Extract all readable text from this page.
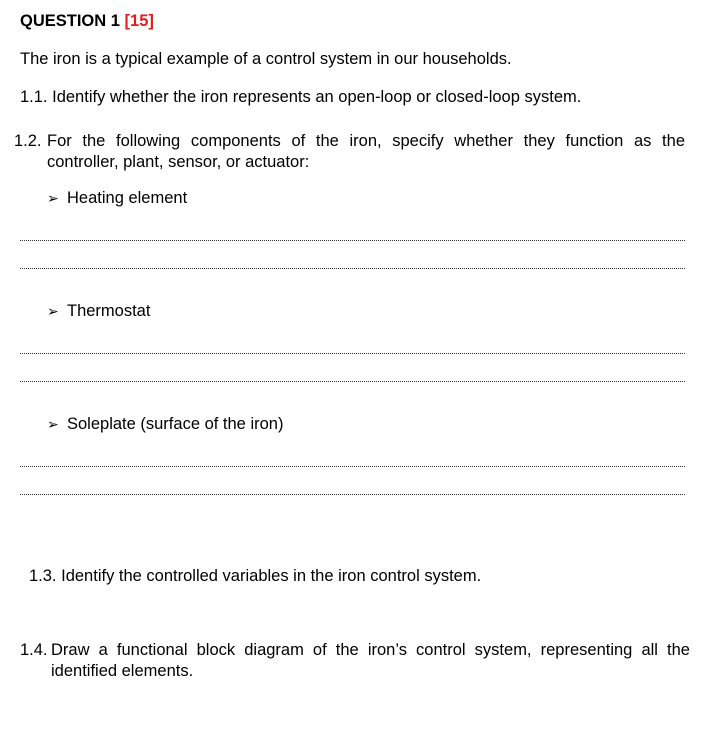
QUESTION 1 [15]
The iron is a typical example of a control system in our households.
1.1. Identify whether the iron represents an open-loop or closed-loop system.
1.2. For the following components of the iron, specify whether they function as the
controller, plant, sensor, or actuator:
➢ Heating element
➢ Thermostat
➢ Soleplate (surface of the iron)
1.3. Identify the controlled variables in the iron control system.
1.4. Draw a functional block diagram of the iron’s control system, representing all the
identified elements.
